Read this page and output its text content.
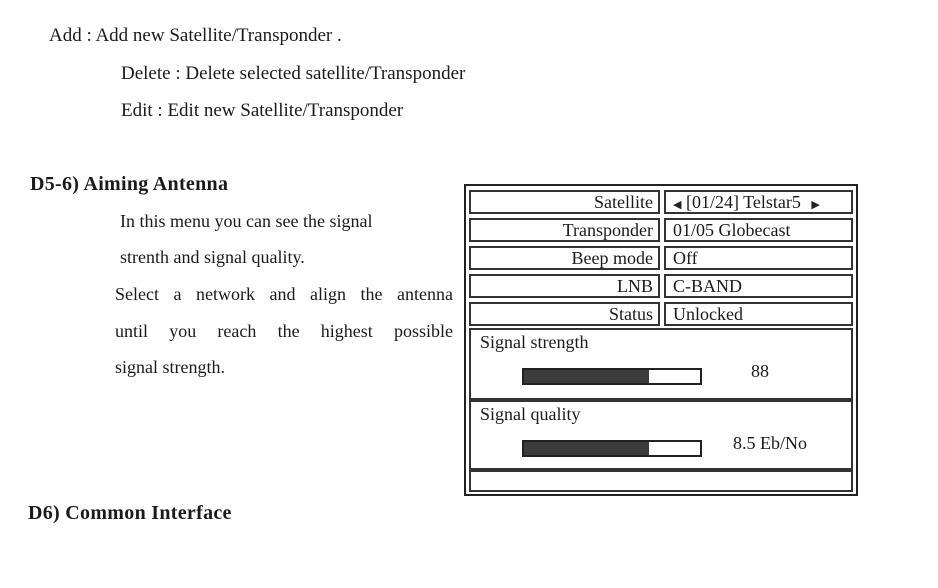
Add : Add new Satellite/Transponder .
Delete : Delete selected satellite/Transponder
Edit : Edit new Satellite/Transponder
D5-6) Aiming Antenna
In this menu you can see the signal
strenth and signal quality.
Select a network and align the antenna
until you reach the highest possible
signal strength.
Satellite	◀ [01/24] Telstar5 ▶
Transponder	01/05 Globecast
Beep mode	Off
LNB	C-BAND
Status	Unlocked
Signal strength
88
Signal quality
8.5 Eb/No
D6) Common Interface
